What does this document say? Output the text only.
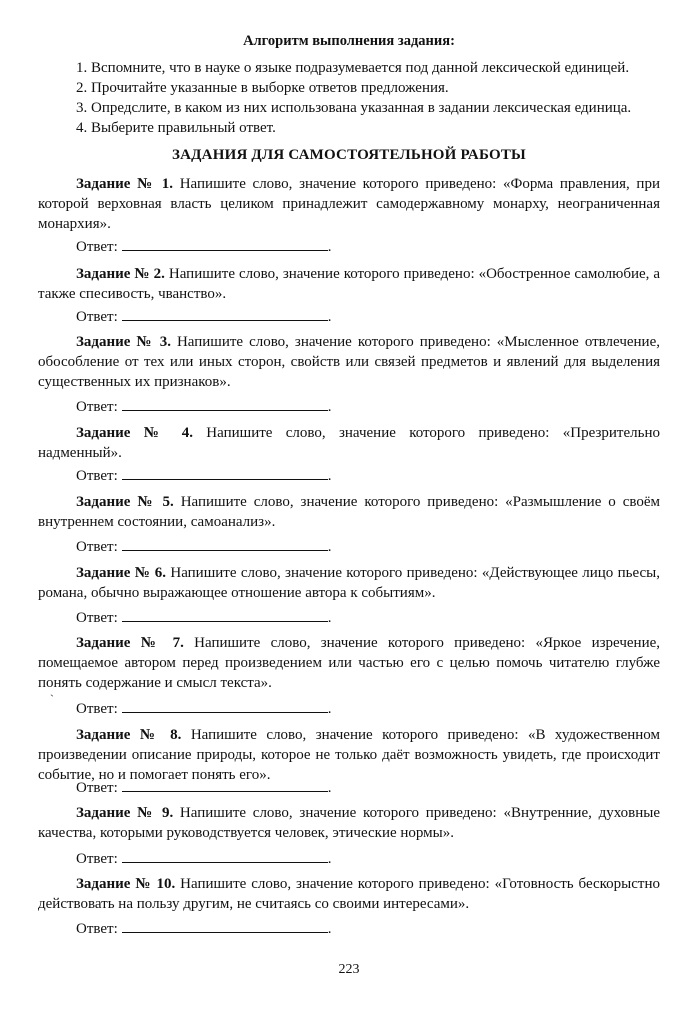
Алгоритм выполнения задания:
1. Вспомните, что в науке о языке подразумевается под данной лексической единицей.
2. Прочитайте указанные в выборке ответов предложения.
3. Опредслите, в каком из них использована указанная в задании лексическая единица.
4. Выберите правильный ответ.
ЗАДАНИЯ ДЛЯ САМОСТОЯТЕЛЬНОЙ РАБОТЫ

Задание № 1. Напишите слово, значение которого приведено: «Форма правления, при которой верховная власть целиком принадлежит самодержавному монарху, неограниченная монархия».

Ответ:	.

Задание № 2. Напишите слово, значение которого приведено: «Обостренное самолюбие, а также спесивость, чванство».

Ответ:	.

Задание № 3. Напишите слово, значение которого приведено: «Мысленное отвлечение, обособление от тех или иных сторон, свойств или связей предметов и явлений для выделения существенных их признаков».

Ответ:	.

Задание № 4. Напишите слово, значение которого приведено: «Презрительно надменный».

Ответ:	.

Задание № 5. Напишите слово, значение которого приведено: «Размышление о своём внутреннем состоянии, самоанализ».

Ответ:	.

Задание № 6. Напишите слово, значение которого приведено: «Действующее лицо пьесы, романа, обычно выражающее отношение автора к событиям».

Ответ:	.

Задание № 7. Напишите слово, значение которого приведено: «Яркое изречение, помещаемое автором перед произведением или частью его с целью помочь читателю глубже понять содержание и смысл текста».

`
Ответ:	.

Задание № 8. Напишите слово, значение которого приведено: «В художественном произведении описание природы, которое не только даёт возможность увидеть, где происходит событие, но и помогает понять его».

Ответ:	.

Задание № 9. Напишите слово, значение которого приведено: «Внутренние, духовные качества, которыми руководствуется человек, этические нормы».

Ответ:	.

Задание № 10. Напишите слово, значение которого приведено: «Готовность бескорыстно действовать на пользу другим, не считаясь со своими интересами».

Ответ:	.
223
